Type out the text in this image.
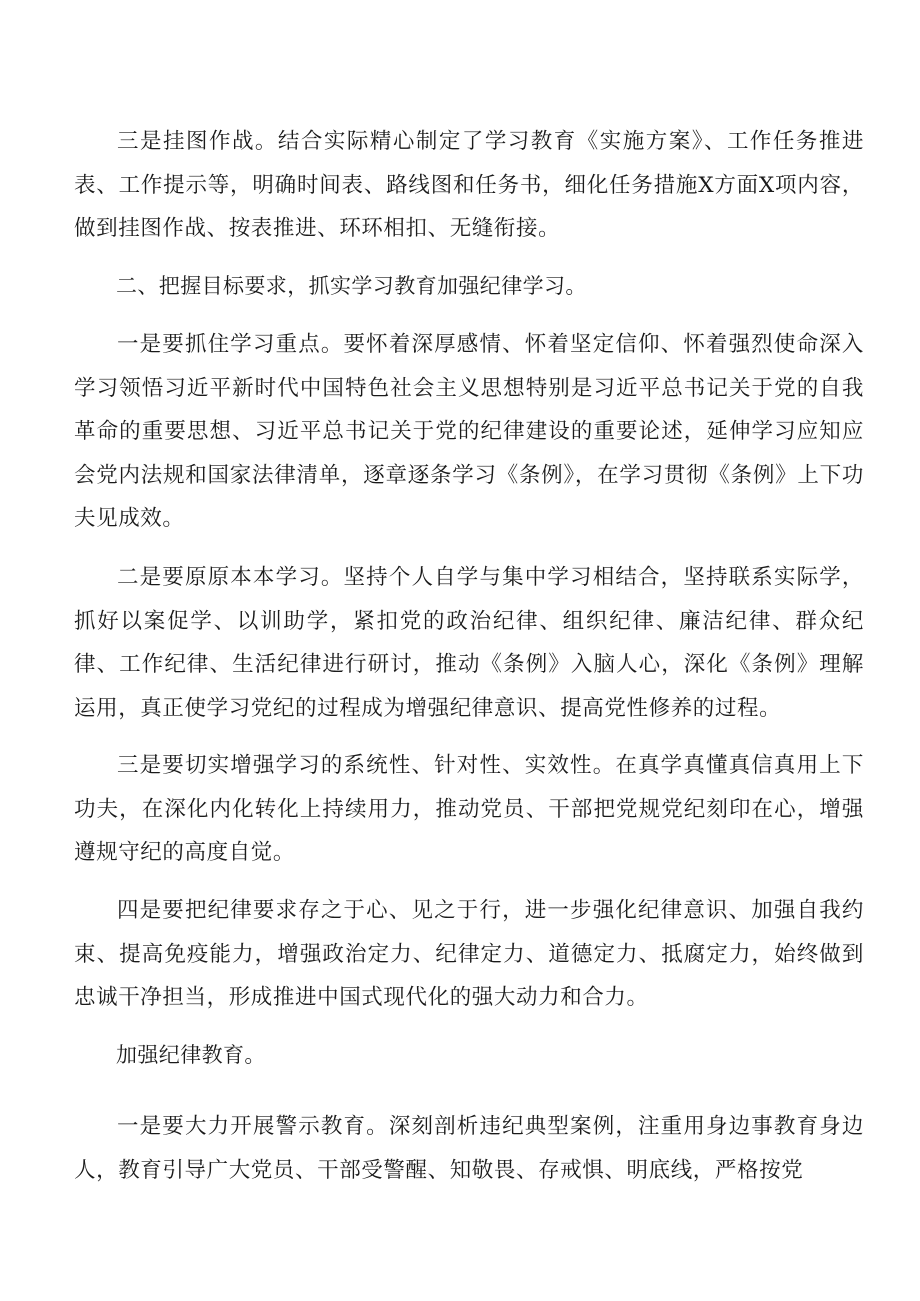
三是挂图作战。结合实际精心制定了学习教育《实施方案》、工作任务推进表、工作提示等，明确时间表、路线图和任务书，细化任务措施X方面X项内容，做到挂图作战、按表推进、环环相扣、无缝衔接。

二、把握目标要求，抓实学习教育加强纪律学习。

一是要抓住学习重点。要怀着深厚感情、怀着坚定信仰、怀着强烈使命深入学习领悟习近平新时代中国特色社会主义思想特别是习近平总书记关于党的自我革命的重要思想、习近平总书记关于党的纪律建设的重要论述，延伸学习应知应会党内法规和国家法律清单，逐章逐条学习《条例》，在学习贯彻《条例》上下功夫见成效。

二是要原原本本学习。坚持个人自学与集中学习相结合，坚持联系实际学，抓好以案促学、以训助学，紧扣党的政治纪律、组织纪律、廉洁纪律、群众纪律、工作纪律、生活纪律进行研讨，推动《条例》入脑人心，深化《条例》理解运用，真正使学习党纪的过程成为增强纪律意识、提高党性修养的过程。

三是要切实增强学习的系统性、针对性、实效性。在真学真懂真信真用上下功夫，在深化内化转化上持续用力，推动党员、干部把党规党纪刻印在心，增强遵规守纪的高度自觉。

四是要把纪律要求存之于心、见之于行，进一步强化纪律意识、加强自我约束、提高免疫能力，增强政治定力、纪律定力、道德定力、抵腐定力，始终做到忠诚干净担当，形成推进中国式现代化的强大动力和合力。

加强纪律教育。

一是要大力开展警示教育。深刻剖析违纪典型案例，注重用身边事教育身边人，教育引导广大党员、干部受警醒、知敬畏、存戒惧、明底线，严格按党
